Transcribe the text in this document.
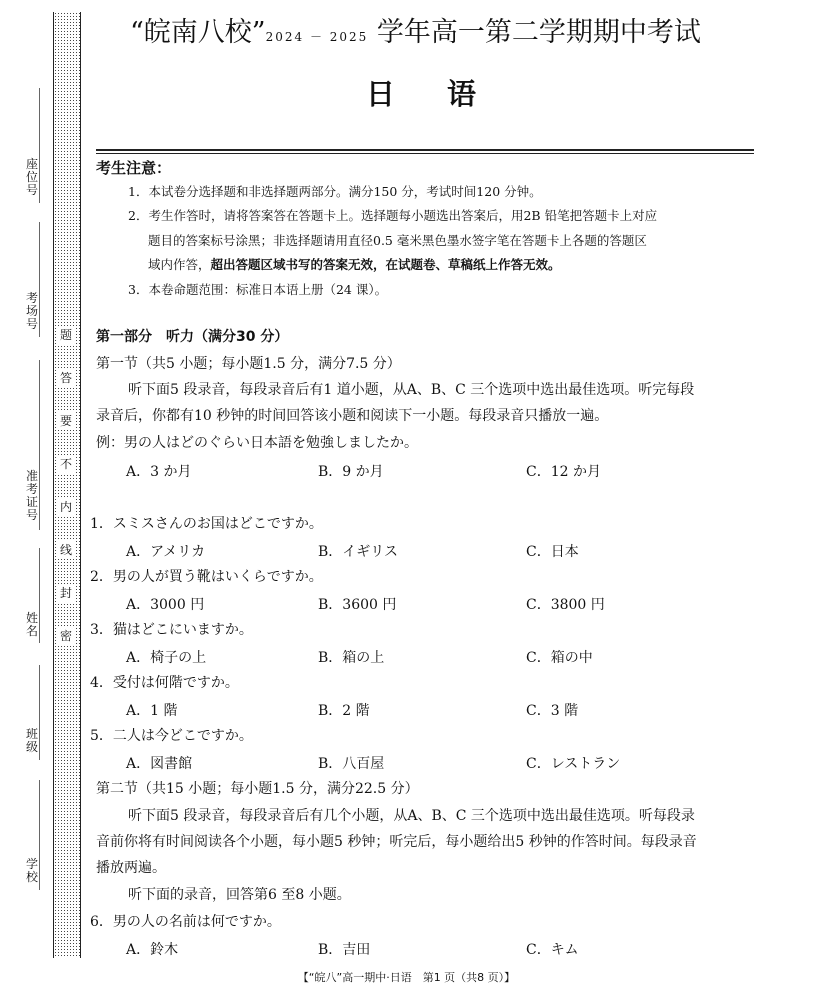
座位号
考场号
准考证号
姓名
班级
学校
题
答
要
不
内
线
封
密
“皖南八校”2024 － 2025 学年高一第二学期期中考试
日语
考生注意：
1．本试卷分选择题和非选择题两部分。满分150 分，考试时间120 分钟。
2．考生作答时，请将答案答在答题卡上。选择题每小题选出答案后，用2B 铅笔把答题卡上对应
题目的答案标号涂黑；非选择题请用直径0.5 毫米黑色墨水签字笔在答题卡上各题的答题区
域内作答，超出答题区域书写的答案无效，在试题卷、草稿纸上作答无效。
3．本卷命题范围：标准日本语上册（24 课）。
第一部分　听力（满分30 分）
第一节（共5 小题；每小题1.5 分，满分7.5 分）
听下面5 段录音，每段录音后有1 道小题，从A、B、C 三个选项中选出最佳选项。听完每段
录音后，你都有10 秒钟的时间回答该小题和阅读下一小题。每段录音只播放一遍。
例：男の人はどのぐらい日本語を勉強しましたか。
A．3 か月	B．9 か月	C．12 か月
1．スミスさんのお国はどこですか。
A．アメリカ	B．イギリス	C．日本
2．男の人が買う靴はいくらですか。
A．3000 円	B．3600 円	C．3800 円
3．猫はどこにいますか。
A．椅子の上	B．箱の上	C．箱の中
4．受付は何階ですか。
A．1 階	B．2 階	C．3 階
5．二人は今どこですか。
A．図書館	B．八百屋	C．レストラン
第二节（共15 小题；每小题1.5 分，满分22.5 分）
听下面5 段录音，每段录音后有几个小题，从A、B、C 三个选项中选出最佳选项。听每段录
音前你将有时间阅读各个小题，每小题5 秒钟；听完后，每小题给出5 秒钟的作答时间。每段录音
播放两遍。
听下面的录音，回答第6 至8 小题。
6．男の人の名前は何ですか。
A．鈴木	B．吉田	C．キム
【“皖八”高一期中·日语　第1 页（共8 页）】
